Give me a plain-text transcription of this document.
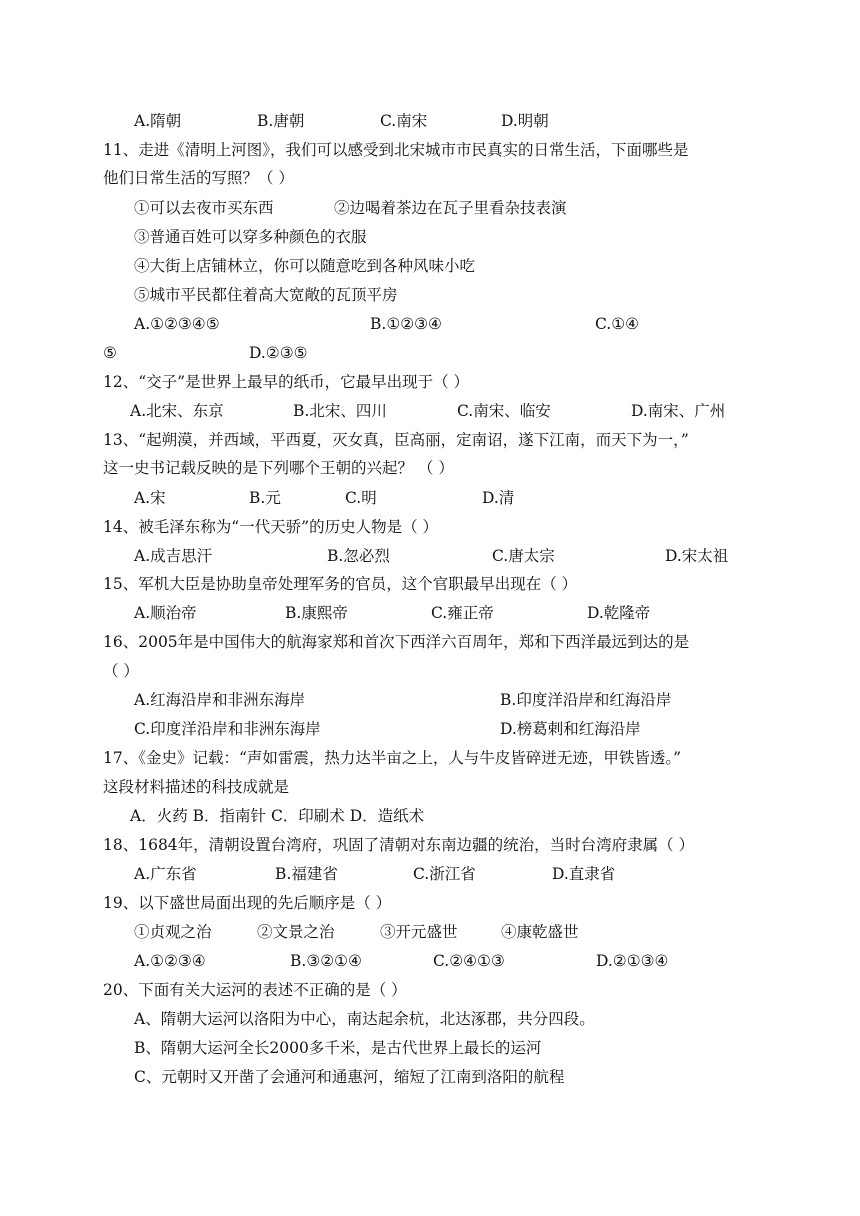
A.隋朝	B.唐朝	C.南宋	D.明朝
11、走进《清明上河图》，我们可以感受到北宋城市市民真实的日常生活，下面哪些是
他们日常生活的写照？（ ）
①可以去夜市买东西	②边喝着茶边在瓦子里看杂技表演
③普通百姓可以穿多种颜色的衣服
④大街上店铺林立，你可以随意吃到各种风味小吃
⑤城市平民都住着高大宽敞的瓦顶平房
A.①②③④⑤	B.①②③④	C.①④
⑤	D.②③⑤
12、“交子”是世界上最早的纸币，它最早出现于（ ）
A.北宋、东京	B.北宋、四川	C.南宋、临安	D.南宋、广州
13、“起朔漠，并西域，平西夏，灭女真，臣高丽，定南诏，遂下江南，而天下为一，”
这一史书记载反映的是下列哪个王朝的兴起？ （ ）
A.宋	B.元	C.明	D.清
14、被毛泽东称为“一代天骄”的历史人物是（ ）
A.成吉思汗	B.忽必烈	C.唐太宗	D.宋太祖
15、军机大臣是协助皇帝处理军务的官员，这个官职最早出现在（ ）
A.顺治帝	B.康熙帝	C.雍正帝	D.乾隆帝
16、2005年是中国伟大的航海家郑和首次下西洋六百周年，郑和下西洋最远到达的是
（ ）
A.红海沿岸和非洲东海岸	B.印度洋沿岸和红海沿岸
C.印度洋沿岸和非洲东海岸	D.榜葛剌和红海沿岸
17、《金史》记载：“声如雷震，热力达半亩之上，人与牛皮皆碎迸无迹，甲铁皆透。”
这段材料描述的科技成就是
A．火药 B．指南针 C．印刷术 D．造纸术
18、1684年，清朝设置台湾府，巩固了清朝对东南边疆的统治，当时台湾府隶属（ ）
A.广东省	B.福建省	C.浙江省	D.直隶省
19、以下盛世局面出现的先后顺序是（ ）
①贞观之治	②文景之治	③开元盛世	④康乾盛世
A.①②③④	B.③②①④	C.②④①③	D.②①③④
20、下面有关大运河的表述不正确的是（ ）
A、隋朝大运河以洛阳为中心，南达起余杭，北达涿郡，共分四段。
B、隋朝大运河全长2000多千米，是古代世界上最长的运河
C、元朝时又开凿了会通河和通惠河，缩短了江南到洛阳的航程
